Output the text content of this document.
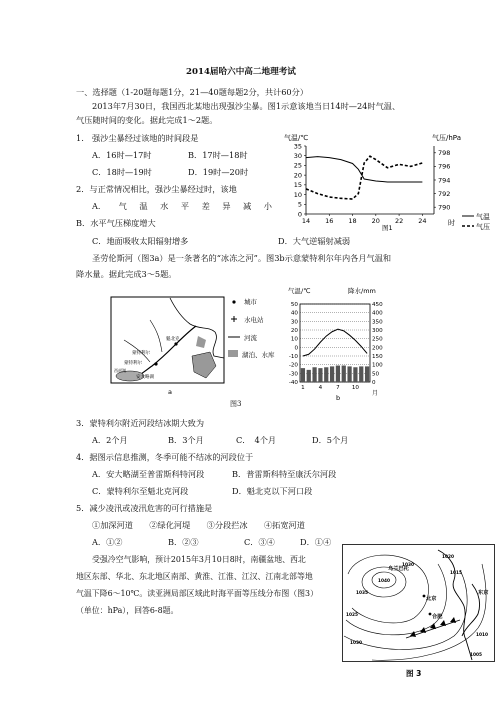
2014届哈六中高二地理考试
一、选择题（1-20题每题1分，21—40题每题2分，共计60分）
2013年7月30日，我国西北某地出现强沙尘暴。图1示意该地当日14时—24时气温、
气压随时间的变化。据此完成1～2题。
1.　强沙尘暴经过该地的时间段是
A．16时—17时	B．17时—18时
C．18时—19时	D．19时—20时
2．与正常情况相比，强沙尘暴经过时，该地
A． 气 温 水 平 差 异 减 小
B．水平气压梯度增大
C．地面吸收太阳辐射增多	D．大气逆辐射减弱
气温/℃	气压/hPa
0
5
10
15
20
25
30
35
790
792
794
796
798
14 16 18 20 22 24	时
图1
气温
气压
圣劳伦斯河（图3a）是一条著名的“冰冻之河”。图3b示意蒙特利尔年内各月气温和
降水量。据此完成3～5题。
蒙特利尔
蒙特利尔
魁北克
安大略湖
西部湖
a
城市
水电站
河流
湖泊、水库
气温/℃	降水/mm
50
40
30
20
10
0
-10
-20
-30
-40
450
400
350
300
250
200
150
100
50
0
1 4 7 10
月
b
图3
3．蒙特利尔附近河段结冰期大致为
A．2个月	B．3个月	C．　4个月	D．5个月
4．据图示信息推测，冬季可能不结冰的河段位于
A．安大略湖至普雷斯科特河段	B．普雷斯科特至康沃尔河段
C．蒙特利尔至魁北克河段	D．魁北克以下河口段
5．减少凌汛或凌汛危害的可行措施是
①加深河道　　②绿化河堤　　③分段拦冰　　④拓宽河道
A．①②	B．②③	C．③④	D．①④
受强冷空气影响，预计2015年3月10日8时，南疆盆地、西北
地区东部、华北、东北地区南部、黄淮、江淮、江汉、江南北部等地
气温下降6～10℃。读亚洲局部区域此时海平面等压线分布图（图3）
（单位：hPa），回答6-8题。
1040
1035
1030
1025
1020
1015
1010
1005
1030
乌兰巴托
北京
合肥
东京
图 3
